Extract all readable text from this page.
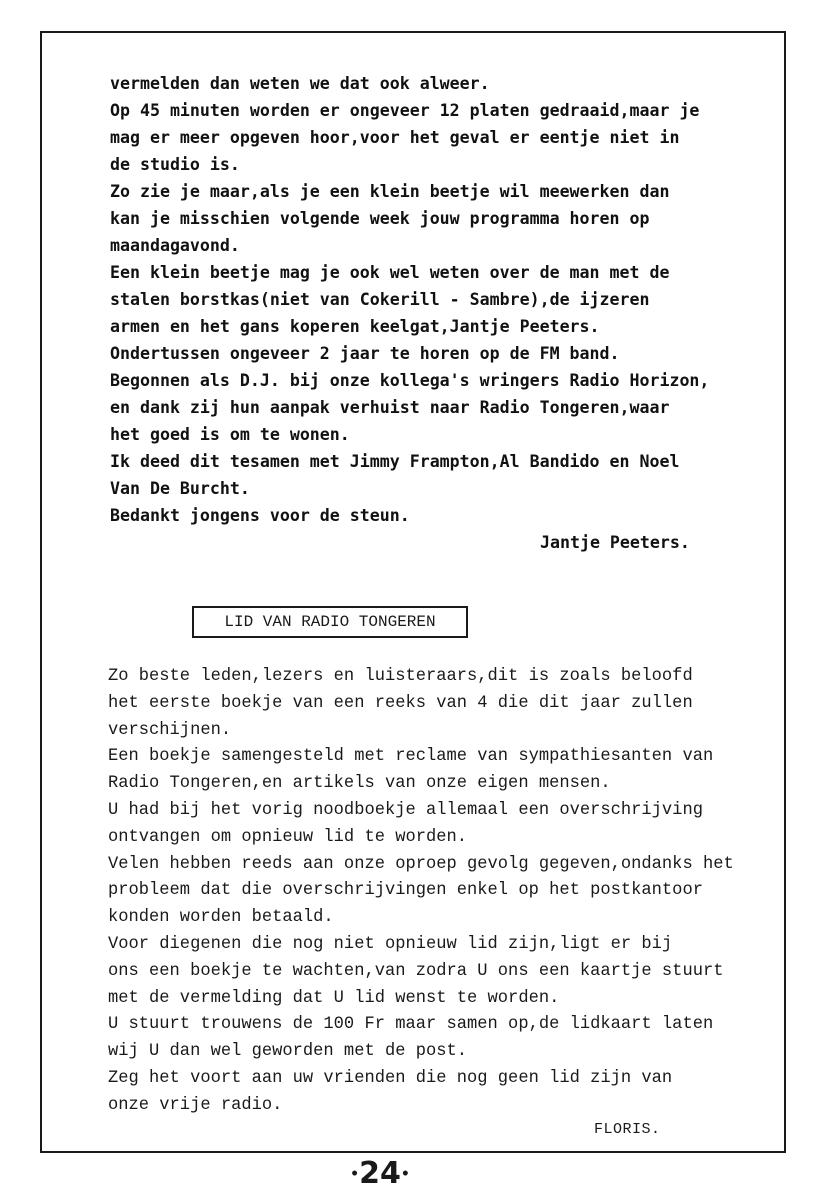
vermelden dan weten we dat ook alweer.
Op 45 minuten worden er ongeveer 12 platen gedraaid,maar je
mag er meer opgeven hoor,voor het geval er eentje niet in
de studio is.
Zo zie je maar,als je een klein beetje wil meewerken dan
kan je misschien volgende week jouw programma horen op
maandagavond.
Een klein beetje mag je ook wel weten over de man met de
stalen borstkas(niet van Cokerill - Sambre),de ijzeren
armen en het gans koperen keelgat,Jantje Peeters.
Ondertussen ongeveer 2 jaar te horen op de FM band.
Begonnen als D.J. bij onze kollega's wringers Radio Horizon,
en dank zij hun aanpak verhuist naar Radio Tongeren,waar
het goed is om te wonen.
Ik deed dit tesamen met Jimmy Frampton,Al Bandido en Noel
Van De Burcht.
Bedankt jongens voor de steun.
Jantje Peeters.
LID VAN RADIO TONGEREN
Zo beste leden,lezers en luisteraars,dit is zoals beloofd
het eerste boekje van een reeks van 4 die dit jaar zullen
verschijnen.
Een boekje samengesteld met reclame van sympathiesanten van
Radio Tongeren,en artikels van onze eigen mensen.
U had bij het vorig noodboekje allemaal een overschrijving
ontvangen om opnieuw lid te worden.
Velen hebben reeds aan onze oproep gevolg gegeven,ondanks het
probleem dat die overschrijvingen enkel op het postkantoor
konden worden betaald.
Voor diegenen die nog niet opnieuw lid zijn,ligt er bij
ons een boekje te wachten,van zodra U ons een kaartje stuurt
met de vermelding dat U lid wenst te worden.
U stuurt trouwens de 100 Fr maar samen op,de lidkaart laten
wij U dan wel geworden met de post.
Zeg het voort aan uw vrienden die nog geen lid zijn van
onze vrije radio.
FLORIS.
•24•
